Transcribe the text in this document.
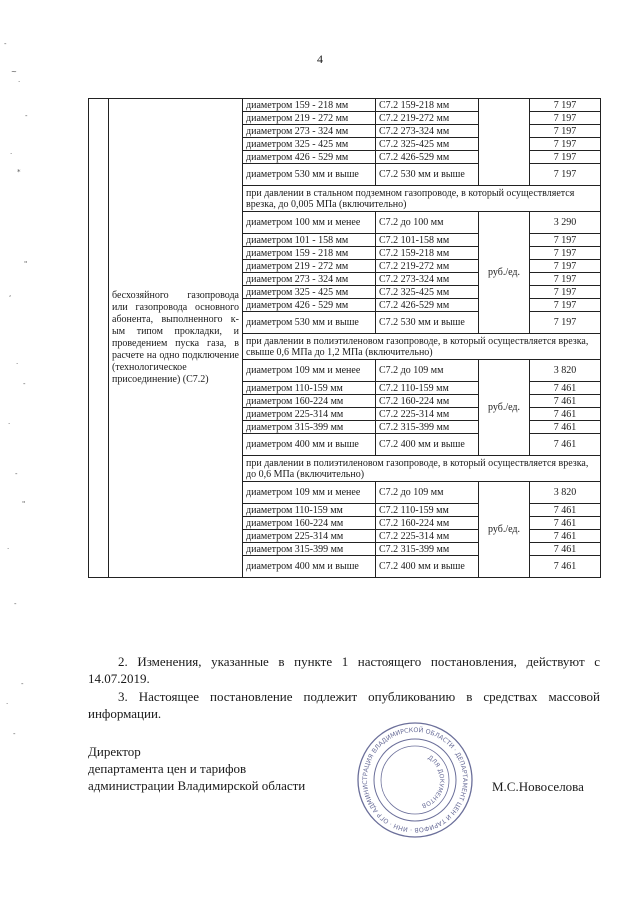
4
-
~
·
-
·
*
"
,
·
-
·
-
"
·
-
-
·
-
	бесхозяйного газопровода или газопровода основного абонента, выполненного к-ым типом прокладки, и проведением пуска газа, в расчете на одно подключение (технологическое присоединение) (С7.2)	диаметром 159 - 218 мм	С7.2 159-218 мм		7 197
		диаметром 219 - 272 мм	С7.2 219-272 мм		7 197
		диаметром 273 - 324 мм	С7.2 273-324 мм		7 197
		диаметром 325 - 425 мм	С7.2 325-425 мм		7 197
		диаметром 426 - 529 мм	С7.2 426-529 мм		7 197
		диаметром 530 мм и выше	С7.2 530 мм и выше		7 197
		при давлении в стальном подземном газопроводе, в который осуществляется врезка, до 0,005 МПа (включительно)			
		диаметром 100 мм и менее	С7.2 до 100 мм	руб./ед.	3 290
		диаметром 101 - 158 мм	С7.2 101-158 мм		7 197
		диаметром 159 - 218 мм	С7.2 159-218 мм		7 197
		диаметром 219 - 272 мм	С7.2 219-272 мм		7 197
		диаметром 273 - 324 мм	С7.2 273-324 мм		7 197
		диаметром 325 - 425 мм	С7.2 325-425 мм		7 197
		диаметром 426 - 529 мм	С7.2 426-529 мм		7 197
		диаметром 530 мм и выше	С7.2 530 мм и выше		7 197
		при давлении в полиэтиленовом газопроводе, в который осуществляется врезка, свыше 0,6 МПа до 1,2 МПа (включительно)			
		диаметром 109 мм и менее	С7.2 до 109 мм	руб./ед.	3 820
		диаметром 110-159 мм	С7.2 110-159 мм		7 461
		диаметром 160-224 мм	С7.2 160-224 мм		7 461
		диаметром 225-314 мм	С7.2 225-314 мм		7 461
		диаметром 315-399 мм	С7.2 315-399 мм		7 461
		диаметром 400 мм и выше	С7.2 400 мм и выше		7 461
		при давлении в полиэтиленовом газопроводе, в который осуществляется врезка, до 0,6 МПа (включительно)			
		диаметром 109 мм и менее	С7.2 до 109 мм	руб./ед.	3 820
		диаметром 110-159 мм	С7.2 110-159 мм		7 461
		диаметром 160-224 мм	С7.2 160-224 мм		7 461
		диаметром 225-314 мм	С7.2 225-314 мм		7 461
		диаметром 315-399 мм	С7.2 315-399 мм		7 461
		диаметром 400 мм и выше	С7.2 400 мм и выше		7 461
2. Изменения, указанные в пункте 1 настоящего постановления, действуют с 14.07.2019.
3. Настоящее постановление подлежит опубликованию в средствах массовой информации.
Директор
департамента цен и тарифов
администрации Владимирской области	М.С.Новоселова
АДМИНИСТРАЦИЯ ВЛАДИМИРСКОЙ ОБЛАСТИ · ДЕПАРТАМЕНТ ЦЕН И ТАРИФОВ · ИНН · ОГРН
ДЛЯ ДОКУМЕНТОВ
